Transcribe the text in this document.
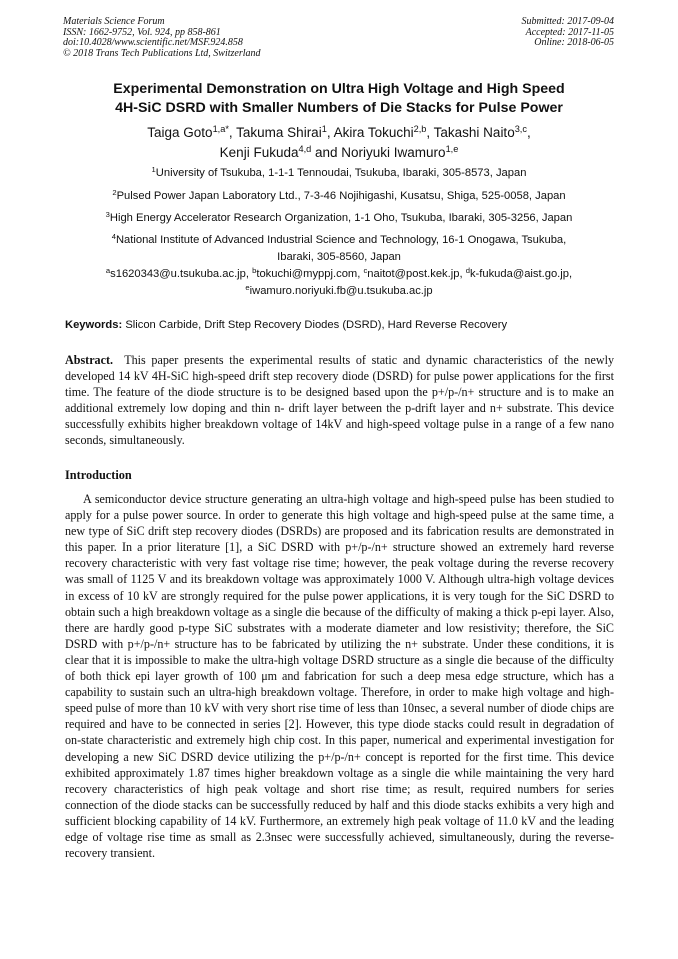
Materials Science Forum
ISSN: 1662-9752, Vol. 924, pp 858-861
doi:10.4028/www.scientific.net/MSF.924.858
© 2018 Trans Tech Publications Ltd, Switzerland
Submitted: 2017-09-04
Accepted: 2017-11-05
Online: 2018-06-05
Experimental Demonstration on Ultra High Voltage and High Speed
4H-SiC DSRD with Smaller Numbers of Die Stacks for Pulse Power
Taiga Goto$^{1,a*}$, Takuma Shirai$^1$, Akira Tokuchi$^{2,b}$, Takashi Naito$^{3,c}$,
Kenji Fukuda$^{4,d}$ and Noriyuki Iwamuro$^{1,e}$
$^1$University of Tsukuba, 1-1-1 Tennoudai, Tsukuba, Ibaraki, 305-8573, Japan
$^2$Pulsed Power Japan Laboratory Ltd., 7-3-46 Nojihigashi, Kusatsu, Shiga, 525-0058, Japan
$^3$High Energy Accelerator Research Organization, 1-1 Oho, Tsukuba, Ibaraki, 305-3256, Japan
$^4$National Institute of Advanced Industrial Science and Technology, 16-1 Onogawa, Tsukuba,
Ibaraki, 305-8560, Japan
$^a$s1620343@u.tsukuba.ac.jp, $^b$tokuchi@myppj.com, $^c$naitot@post.kek.jp, $^d$k-fukuda@aist.go.jp,
$^e$iwamuro.noriyuki.fb@u.tsukuba.ac.jp
Keywords: Slicon Carbide, Drift Step Recovery Diodes (DSRD), Hard Reverse Recovery
Abstract. This paper presents the experimental results of static and dynamic characteristics of the newly developed 14 kV 4H-SiC high-speed drift step recovery diode (DSRD) for pulse power applications for the first time. The feature of the diode structure is to be designed based upon the p+/p-/n+ structure and is to make an additional extremely low doping and thin n- drift layer between the p-drift layer and n+ substrate. This device successfully exhibits higher breakdown voltage of 14kV and high-speed voltage pulse in a range of a few nano seconds, simultaneously.
Introduction
A semiconductor device structure generating an ultra-high voltage and high-speed pulse has been studied to apply for a pulse power source. In order to generate this high voltage and high-speed pulse at the same time, a new type of SiC drift step recovery diodes (DSRDs) are proposed and its fabrication results are demonstrated in this paper. In a prior literature [1], a SiC DSRD with p+/p-/n+ structure showed an extremely hard reverse recovery characteristic with very fast voltage rise time; however, the peak voltage during the reverse recovery was small of 1125 V and its breakdown voltage was approximately 1000 V. Although ultra-high voltage devices in excess of 10 kV are strongly required for the pulse power applications, it is very tough for the SiC DSRD to obtain such a high breakdown voltage as a single die because of the difficulty of making a thick p-epi layer. Also, there are hardly good p-type SiC substrates with a moderate diameter and low resistivity; therefore, the SiC DSRD with p+/p-/n+ structure has to be fabricated by utilizing the n+ substrate. Under these conditions, it is clear that it is impossible to make the ultra-high voltage DSRD structure as a single die because of the difficulty of both thick epi layer growth of 100 μm and fabrication for such a deep mesa edge structure, which has a capability to sustain such an ultra-high breakdown voltage. Therefore, in order to make high voltage and high-speed pulse of more than 10 kV with very short rise time of less than 10nsec, a several number of diode chips are required and have to be connected in series [2]. However, this type diode stacks could result in degradation of on-state characteristic and extremely high chip cost. In this paper, numerical and experimental investigation for developing a new SiC DSRD device utilizing the p+/p-/n+ concept is reported for the first time. This device exhibited approximately 1.87 times higher breakdown voltage as a single die while maintaining the very hard recovery characteristics of high peak voltage and short rise time; as result, required numbers for series connection of the diode stacks can be successfully reduced by half and this diode stacks exhibits a very high and sufficient blocking capability of 14 kV. Furthermore, an extremely high peak voltage of 11.0 kV and the leading edge of voltage rise time as small as 2.3nsec were successfully achieved, simultaneously, during the reverse-recovery transient.
